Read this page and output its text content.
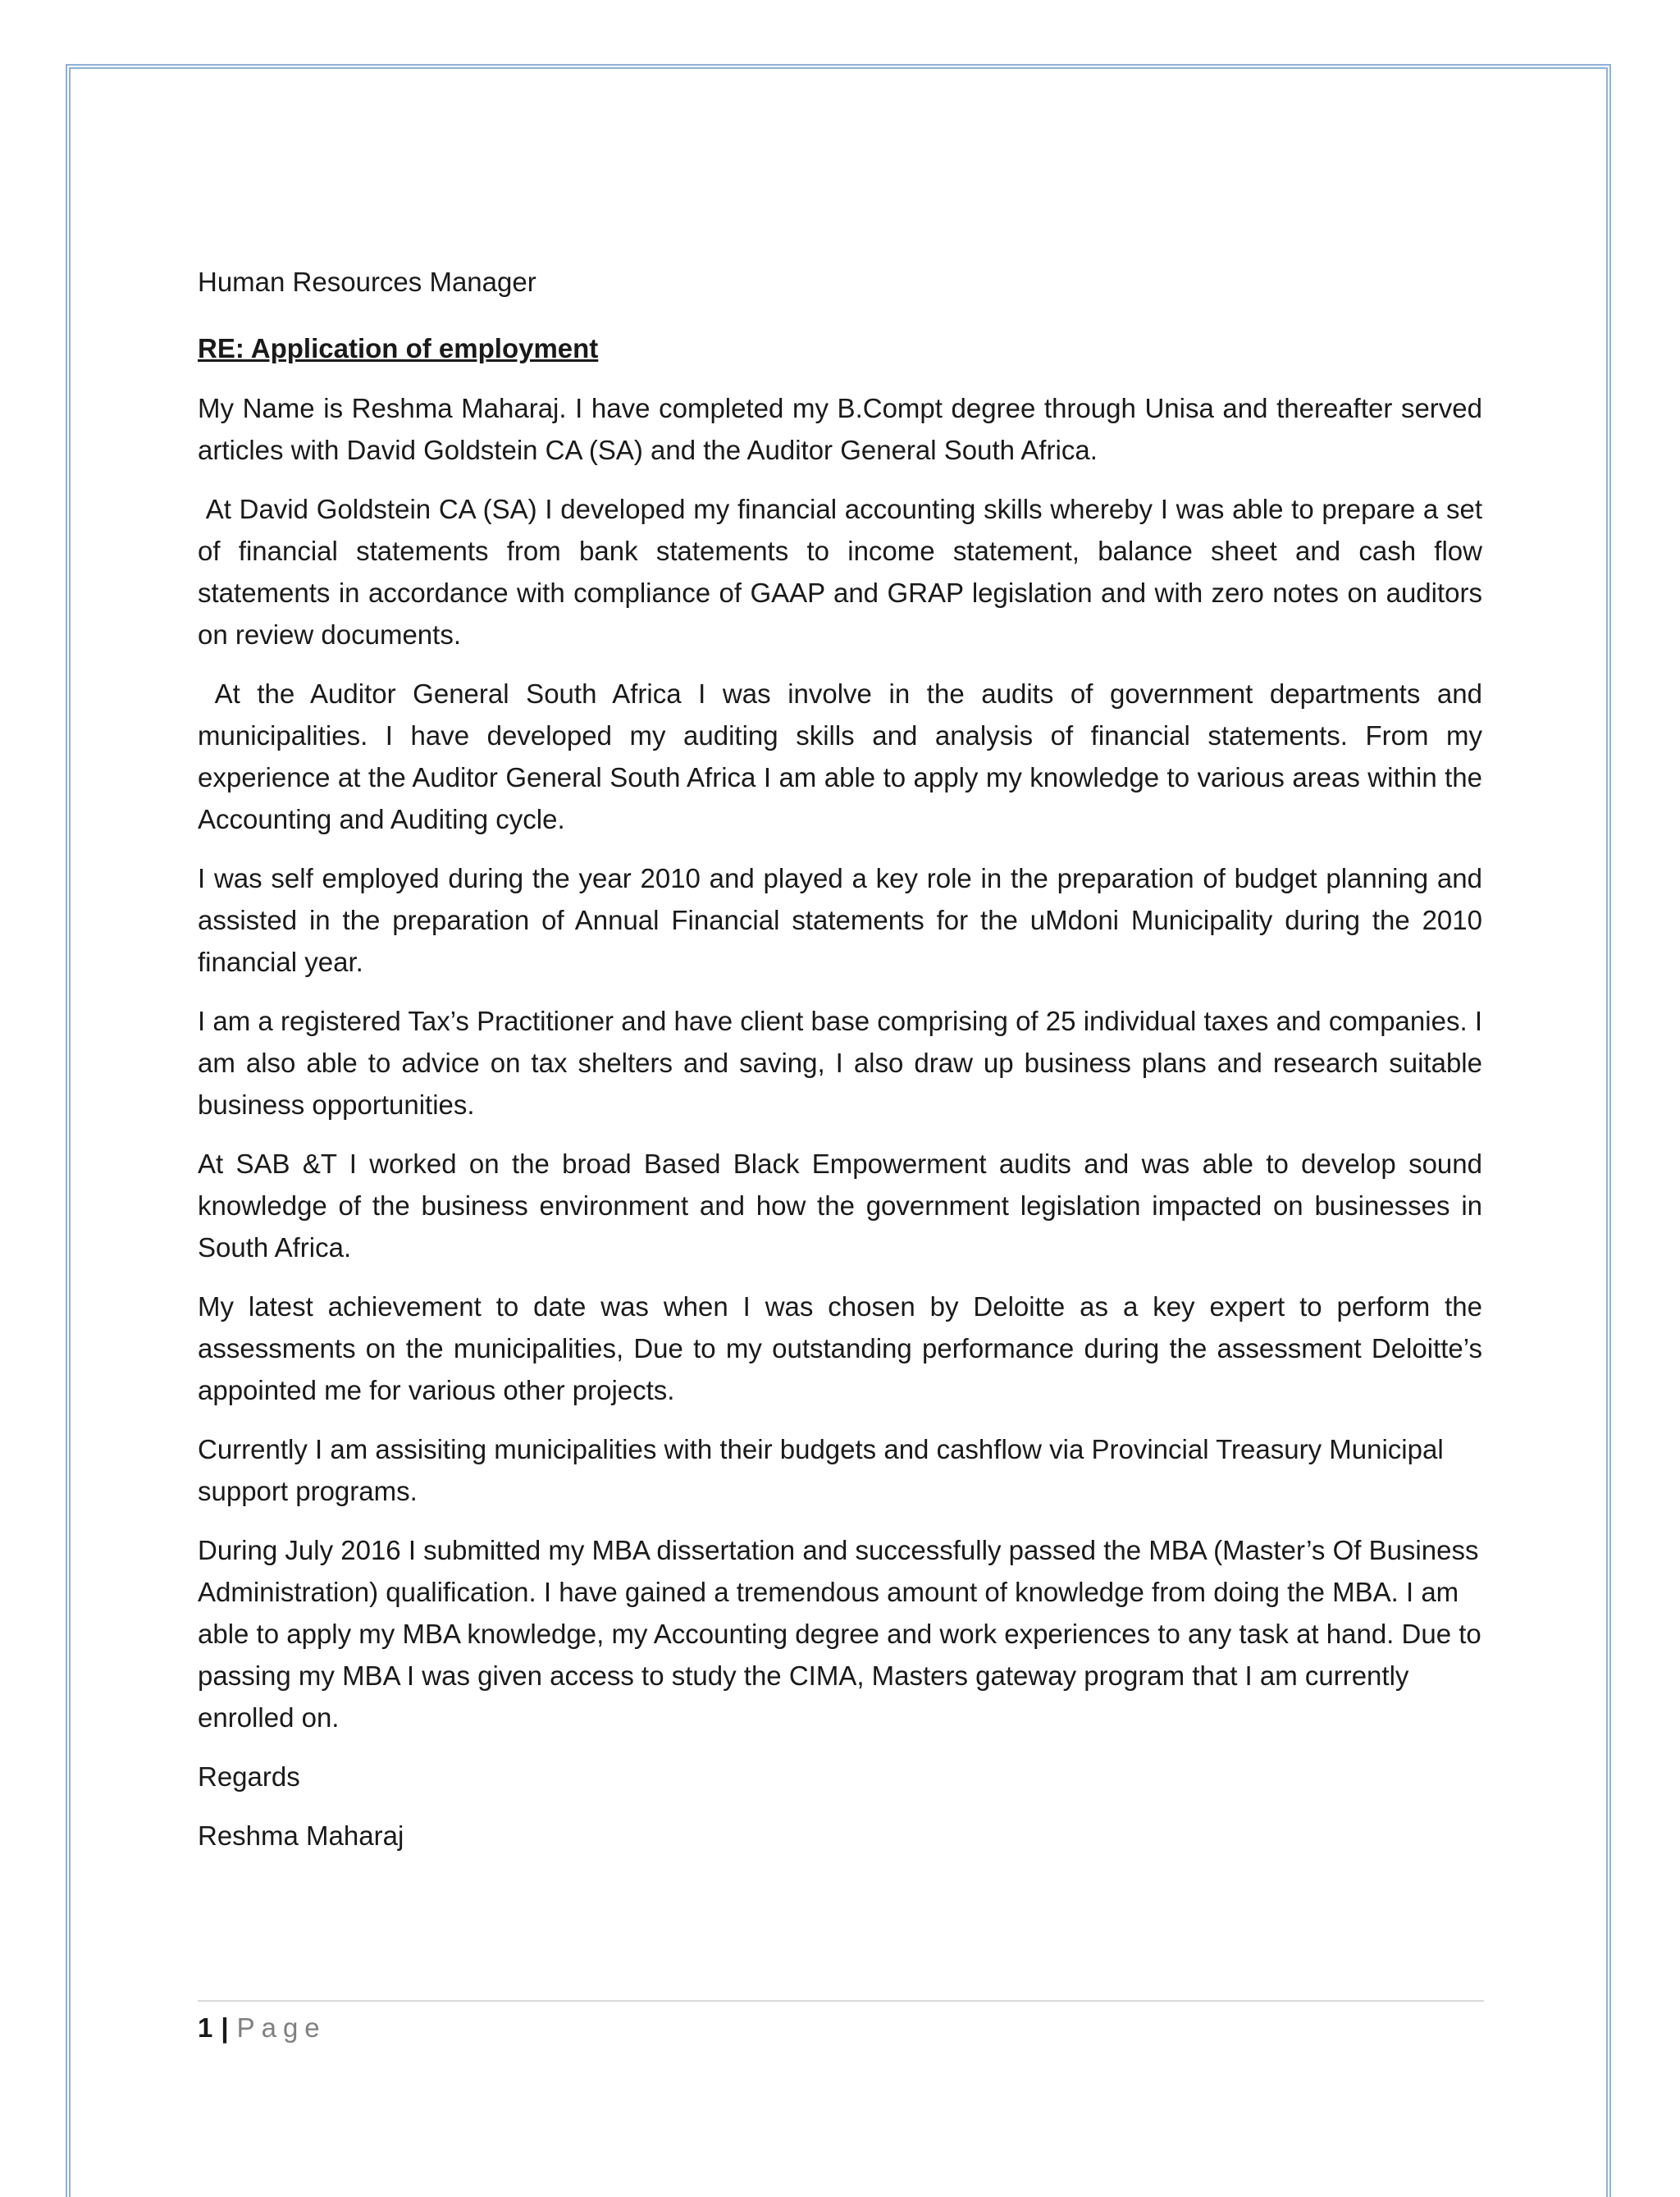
Human Resources Manager

RE: Application of employment

My Name is Reshma Maharaj. I have completed my B.Compt degree through Unisa and thereafter served articles with David Goldstein CA (SA) and the Auditor General South Africa.

At David Goldstein CA (SA) I developed my financial accounting skills whereby I was able to prepare a set of financial statements from bank statements to income statement, balance sheet and cash flow statements in accordance with compliance of GAAP and GRAP legislation and with zero notes on auditors on review documents.

At the Auditor General South Africa I was involve in the audits of government departments and municipalities. I have developed my auditing skills and analysis of financial statements. From my experience at the Auditor General South Africa I am able to apply my knowledge to various areas within the Accounting and Auditing cycle.

I was self employed during the year 2010 and played a key role in the preparation of budget planning and assisted in the preparation of Annual Financial statements for the uMdoni Municipality during the 2010 financial year.

I am a registered Tax’s Practitioner and have client base comprising of 25 individual taxes and companies. I am also able to advice on tax shelters and saving, I also draw up business plans and research suitable business opportunities.

At SAB &T I worked on the broad Based Black Empowerment audits and was able to develop sound knowledge of the business environment and how the government legislation impacted on businesses in South Africa.

My latest achievement to date was when I was chosen by Deloitte as a key expert to perform the assessments on the municipalities, Due to my outstanding performance during the assessment Deloitte’s appointed me for various other projects.

Currently I am assisiting municipalities with their budgets and cashflow via Provincial Treasury Municipal support programs.

During July 2016 I submitted my MBA dissertation and successfully passed the MBA (Master’s Of Business Administration) qualification. I have gained a tremendous amount of knowledge from doing the MBA. I am able to apply my MBA knowledge, my Accounting degree and work experiences to any task at hand. Due to passing my MBA I was given access to study the CIMA, Masters gateway program that I am currently enrolled on.

Regards

Reshma Maharaj

1 | Page
